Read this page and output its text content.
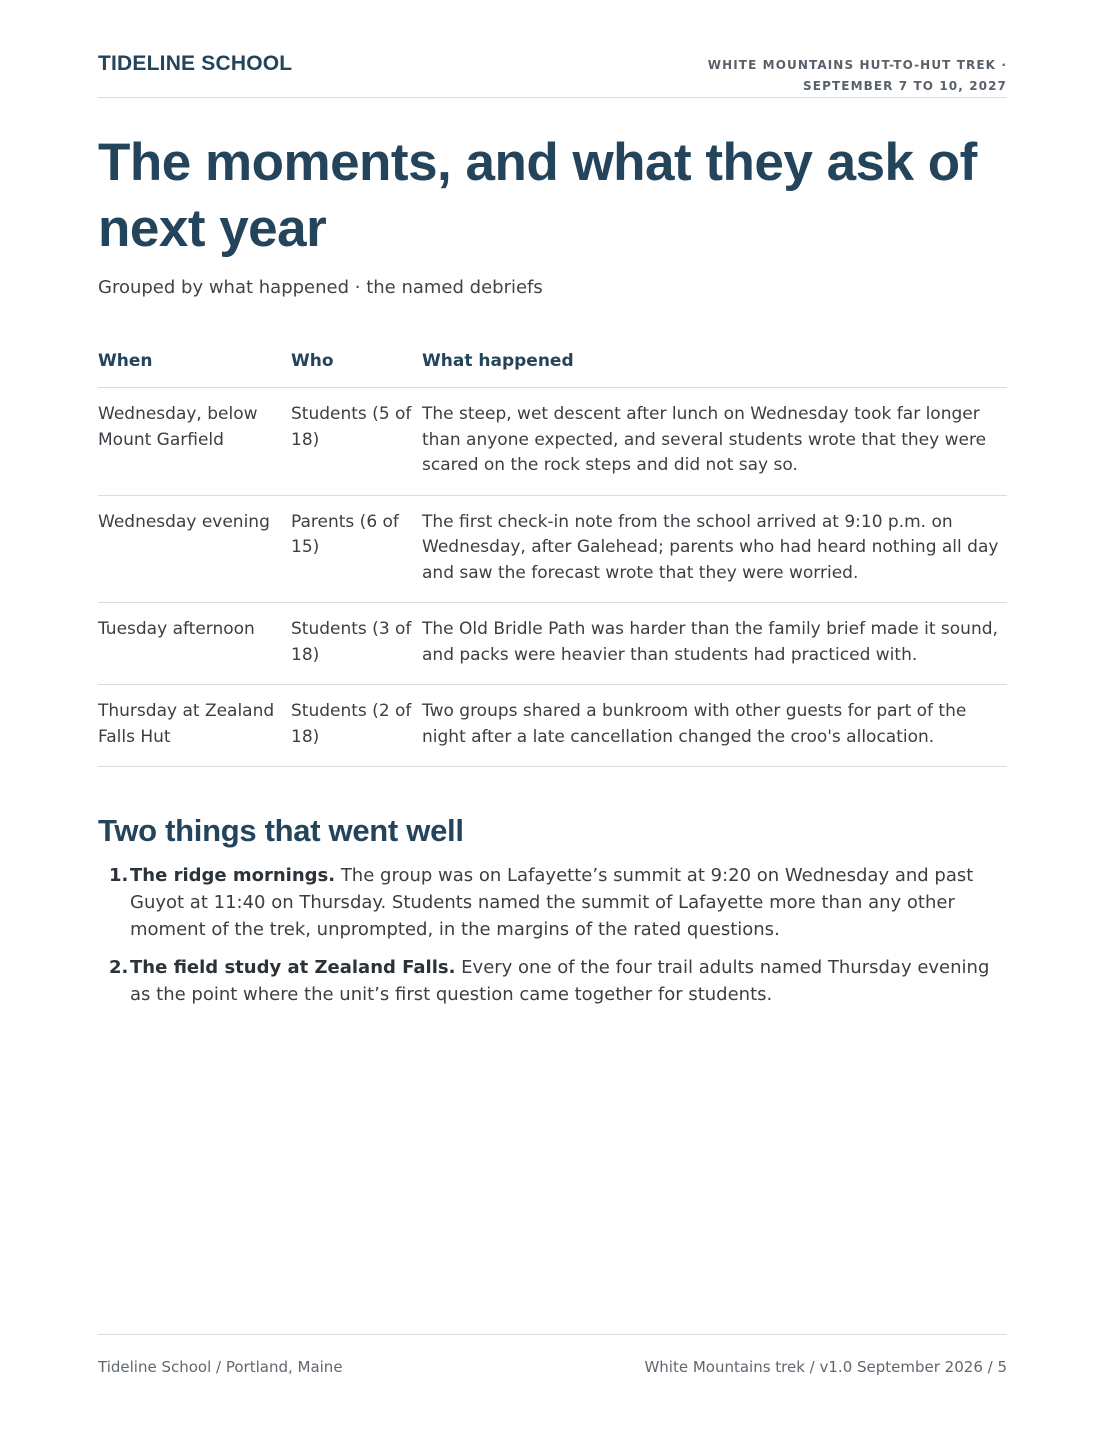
TIDELINE SCHOOL	WHITE MOUNTAINS HUT-TO-HUT TREK ·
SEPTEMBER 7 TO 10, 2027
The moments, and what they ask of next year
Grouped by what happened · the named debriefs
When	Who	What happened
Wednesday, below Mount Garfield	Students (5 of 18)	The steep, wet descent after lunch on Wednesday took far longer than anyone expected, and several students wrote that they were scared on the rock steps and did not say so.
Wednesday evening	Parents (6 of 15)	The first check-in note from the school arrived at 9:10 p.m. on Wednesday, after Galehead; parents who had heard nothing all day and saw the forecast wrote that they were worried.
Tuesday afternoon	Students (3 of 18)	The Old Bridle Path was harder than the family brief made it sound, and packs were heavier than students had practiced with.
Thursday at Zealand Falls Hut	Students (2 of 18)	Two groups shared a bunkroom with other guests for part of the night after a late cancellation changed the croo's allocation.
Two things that went well
1. The ridge mornings. The group was on Lafayette’s summit at 9:20 on Wednesday and past Guyot at 11:40 on Thursday. Students named the summit of Lafayette more than any other moment of the trek, unprompted, in the margins of the rated questions.
2. The field study at Zealand Falls. Every one of the four trail adults named Thursday evening as the point where the unit’s first question came together for students.
Tideline School / Portland, Maine	White Mountains trek / v1.0 September 2026 / 5
